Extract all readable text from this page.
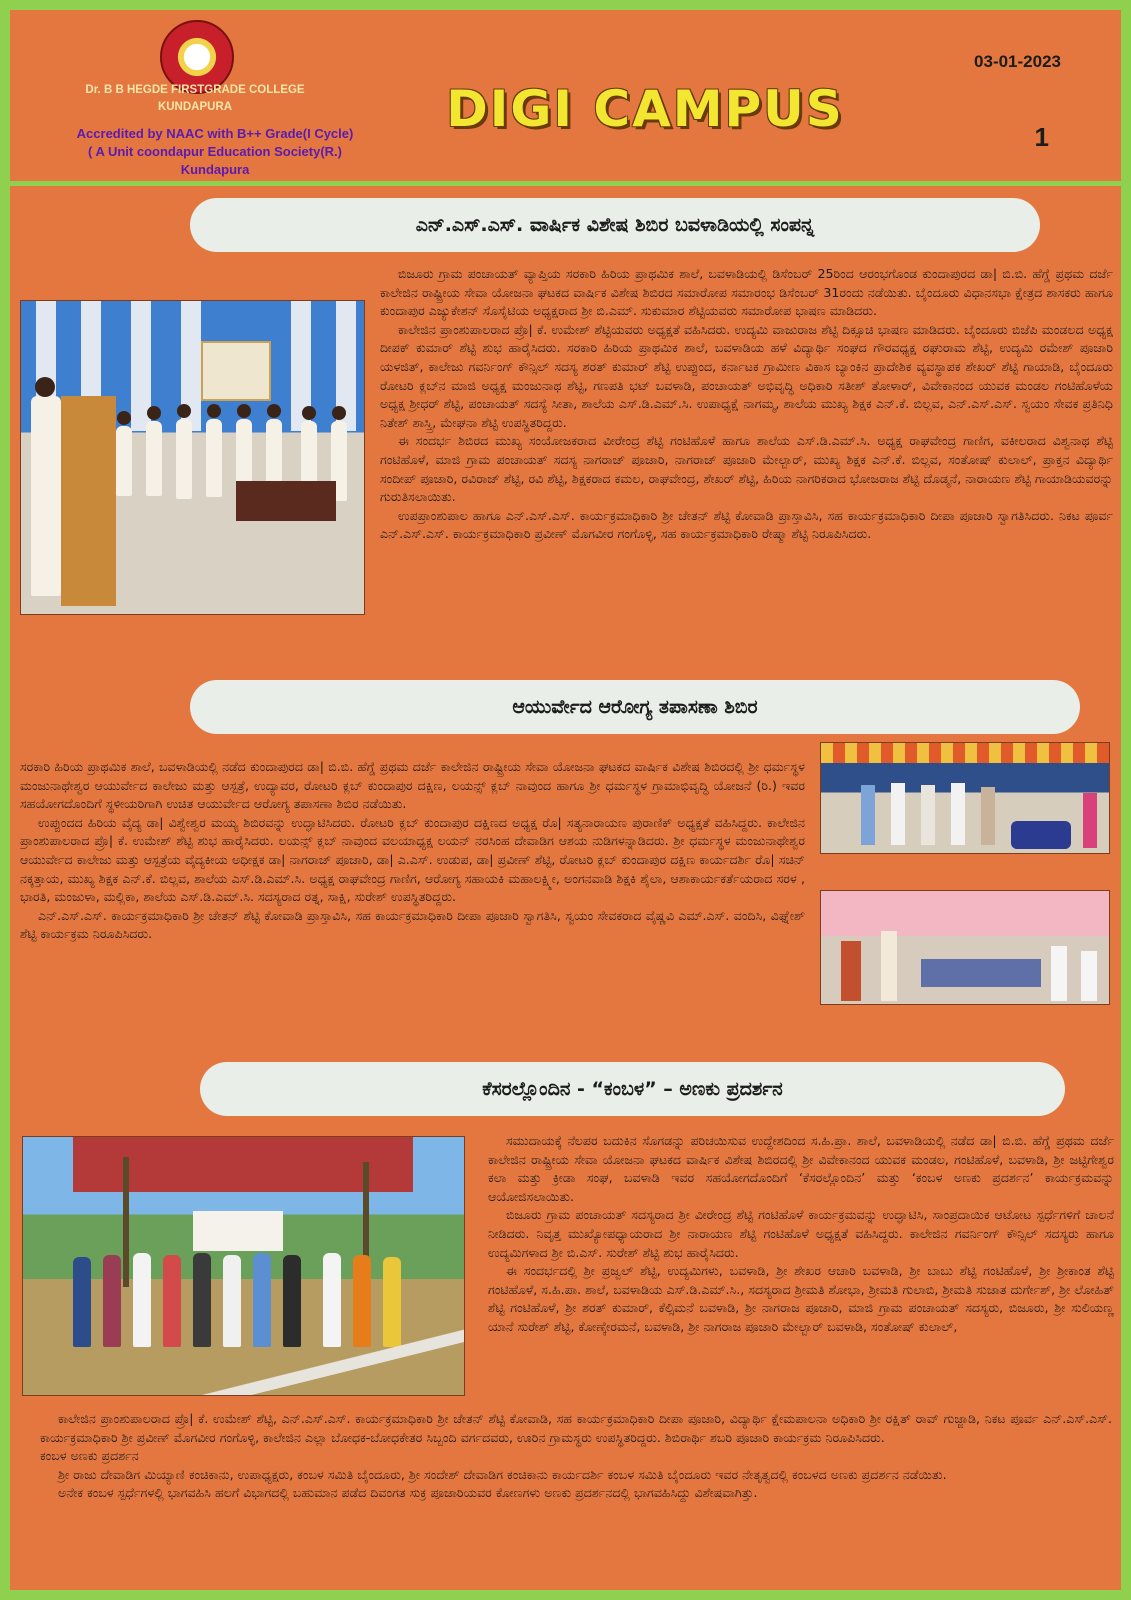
Dr. B B HEGDE FIRSTGRADE COLLEGE
KUNDAPURA
Accredited by NAAC with B++ Grade(I Cycle)
( A Unit coondapur Education Society(R.)
Kundapura
DIGI CAMPUS
03-01-2023
1
ಎನ್.ಎಸ್.ಎಸ್. ವಾರ್ಷಿಕ ವಿಶೇಷ ಶಿಬಿರ ಬವಳಾಡಿಯಲ್ಲಿ ಸಂಪನ್ನ

ಬಿಜೂರು ಗ್ರಾಮ ಪಂಚಾಯತ್ ವ್ಯಾಪ್ತಿಯ ಸರಕಾರಿ ಹಿರಿಯ ಪ್ರಾಥಮಿಕ ಶಾಲೆ, ಬವಳಾಡಿಯಲ್ಲಿ ಡಿಸೆಂಬರ್ 25ರಿಂದ ಆರಂಭಗೊಂಡ ಕುಂದಾಪುರದ ಡಾ| ಬಿ.ಬಿ. ಹೆಗ್ಡೆ ಪ್ರಥಮ ದರ್ಜೆ ಕಾಲೇಜಿನ ರಾಷ್ಟ್ರೀಯ ಸೇವಾ ಯೋಜನಾ ಘಟಕದ ವಾರ್ಷಿಕ ವಿಶೇಷ ಶಿಬಿರದ ಸಮಾರೋಪ ಸಮಾರಂಭ ಡಿಸೆಂಬರ್ 31ರಂದು ನಡೆಯಿತು. ಬೈಂದೂರು ವಿಧಾನಸಭಾ ಕ್ಷೇತ್ರದ ಶಾಸಕರು ಹಾಗೂ ಕುಂದಾಪುರ ಎಜ್ಯುಕೇಶನ್ ಸೊಸೈಟಿಯ ಅಧ್ಯಕ್ಷರಾದ ಶ್ರೀ ಬಿ.ಎಮ್. ಸುಕುಮಾರ ಶೆಟ್ಟಿಯವರು ಸಮಾರೋಪ ಭಾಷಣ ಮಾಡಿದರು.

ಕಾಲೇಜಿನ ಪ್ರಾಂಶುಪಾಲರಾದ ಪ್ರೊ| ಕೆ. ಉಮೇಶ್ ಶೆಟ್ಟಿಯವರು ಅಧ್ಯಕ್ಷತೆ ವಹಿಸಿದರು. ಉದ್ಯಮಿ ವಾಜುರಾಜ ಶೆಟ್ಟಿ ದಿಕ್ಸೂಚಿ ಭಾಷಣ ಮಾಡಿದರು. ಬೈಂದೂರು ಬಿಜೆಪಿ ಮಂಡಲದ ಅಧ್ಯಕ್ಷ ದೀಪಕ್ ಕುಮಾರ್ ಶೆಟ್ಟಿ ಶುಭ ಹಾರೈಸಿದರು. ಸರಕಾರಿ ಹಿರಿಯ ಪ್ರಾಥಮಿಕ ಶಾಲೆ, ಬವಳಾಡಿಯ ಹಳೆ ವಿದ್ಯಾರ್ಥಿ ಸಂಘದ ಗೌರವಧ್ಯಕ್ಷ ರಘುರಾಮ ಶೆಟ್ಟಿ, ಉದ್ಯಮಿ ರಮೇಶ್ ಪೂಜಾರಿ ಯಳಜಿತ್, ಕಾಲೇಜು ಗವರ್ನಿಂಗ್ ಕೌನ್ಸಿಲ್ ಸದಸ್ಯ ಶರತ್ ಕುಮಾರ್ ಶೆಟ್ಟಿ ಉಪ್ಪುಂದ, ಕರ್ನಾಟಕ ಗ್ರಾಮೀಣ ವಿಕಾಸ ಬ್ಯಾಂಕಿನ ಪ್ರಾದೇಶಿಕ ವ್ಯವಸ್ಥಾಪಕ ಶೇಖರ್ ಶೆಟ್ಟಿ ಗಾಯಾಡಿ, ಬೈಂದೂರು ರೋಟರಿ ಕ್ಲಬ್‍ನ ಮಾಜಿ ಅಧ್ಯಕ್ಷ ಮಂಜುನಾಥ ಶೆಟ್ಟಿ, ಗಣಪತಿ ಭಟ್ ಬವಳಾಡಿ, ಪಂಚಾಯತ್ ಅಭಿವೃದ್ಧಿ ಅಧಿಕಾರಿ ಸತೀಶ್ ತೋಳಾರ್, ವಿವೇಕಾನಂದ ಯುವಕ ಮಂಡಲ ಗಂಟಿಹೊಳೆಯ ಅಧ್ಯಕ್ಷ ಶ್ರೀಧರ್ ಶೆಟ್ಟಿ, ಪಂಚಾಯತ್ ಸದಸ್ಯೆ ಸೀತಾ, ಶಾಲೆಯ ಎಸ್.ಡಿ.ಎಮ್.ಸಿ. ಉಪಾಧ್ಯಕ್ಷೆ ನಾಗಮ್ಮ, ಶಾಲೆಯ ಮುಖ್ಯ ಶಿಕ್ಷಕ ಎನ್.ಕೆ. ಬಿಲ್ಲವ, ಎನ್.ಎಸ್.ಎಸ್. ಸ್ವಯಂ ಸೇವಕ ಪ್ರತಿನಿಧಿ ನಿತೇಶ್ ಶಾಸ್ತ್ರಿ, ಮೇಘನಾ ಶೆಟ್ಟಿ ಉಪಸ್ಥಿತರಿದ್ದರು.

ಈ ಸಂದರ್ಭ ಶಿಬಿರದ ಮುಖ್ಯ ಸಂಯೋಜಕರಾದ ವೀರೇಂದ್ರ ಶೆಟ್ಟಿ ಗಂಟಿಹೊಳೆ ಹಾಗೂ ಶಾಲೆಯ ಎಸ್.ಡಿ.ಎಮ್.ಸಿ. ಅಧ್ಯಕ್ಷ ರಾಘವೇಂದ್ರ ಗಾಣಿಗ, ವಕೀಲರಾದ ವಿಶ್ವನಾಥ ಶೆಟ್ಟಿ ಗಂಟಿಹೊಳೆ, ಮಾಜಿ ಗ್ರಾಮ ಪಂಚಾಯತ್ ಸದಸ್ಯ ನಾಗರಾಜ್ ಪೂಜಾರಿ, ನಾಗರಾಜ್ ಪೂಜಾರಿ ಮೇಲ್ಬಾರ್, ಮುಖ್ಯ ಶಿಕ್ಷಕ ಎನ್.ಕೆ. ಬಿಲ್ಲವ, ಸಂತೋಷ್ ಕುಲಾಲ್, ಪ್ರಾಕ್ತನ ವಿದ್ಯಾರ್ಥಿ ಸಂದೀಪ್ ಪೂಜಾರಿ, ರವಿರಾಜ್ ಶೆಟ್ಟಿ, ರವಿ ಶೆಟ್ಟಿ, ಶಿಕ್ಷಕರಾದ ಕಮಲ, ರಾಘವೇಂದ್ರ, ಶೇಖರ್ ಶೆಟ್ಟಿ, ಹಿರಿಯ ನಾಗರಿಕರಾದ ಭೋಜರಾಜ ಶೆಟ್ಟಿ ದೊಡ್ಮನೆ, ನಾರಾಯಣ ಶೆಟ್ಟಿ ಗಾಯಾಡಿಯವರನ್ನು ಗುರುತಿಸಲಾಯಿತು.

ಉಪಪ್ರಾಂಶುಪಾಲ ಹಾಗೂ ಎನ್.ಎಸ್.ಎಸ್. ಕಾರ್ಯಕ್ರಮಾಧಿಕಾರಿ ಶ್ರೀ ಚೇತನ್ ಶೆಟ್ಟಿ ಕೋವಾಡಿ ಪ್ರಾಸ್ತಾವಿಸಿ, ಸಹ ಕಾರ್ಯಕ್ರಮಾಧಿಕಾರಿ ದೀಪಾ ಪೂಜಾರಿ ಸ್ವಾಗತಿಸಿದರು. ನಿಕಟ ಪೂರ್ವ ಎನ್.ಎಸ್.ಎಸ್. ಕಾರ್ಯಕ್ರಮಾಧಿಕಾರಿ ಪ್ರವೀಣ್ ಮೊಗವೀರ ಗಂಗೊಳ್ಳಿ, ಸಹ ಕಾರ್ಯಕ್ರಮಾಧಿಕಾರಿ ರೇಷ್ಮಾ ಶೆಟ್ಟಿ ನಿರೂಪಿಸಿದರು.

ಆಯುರ್ವೇದ ಆರೋಗ್ಯ ತಪಾಸಣಾ ಶಿಬಿರ

ಸರಕಾರಿ ಹಿರಿಯ ಪ್ರಾಥಮಿಕ ಶಾಲೆ, ಬವಳಾಡಿಯಲ್ಲಿ ನಡೆದ ಕುಂದಾಪುರದ ಡಾ| ಬಿ.ಬಿ. ಹೆಗ್ಡೆ ಪ್ರಥಮ ದರ್ಜೆ ಕಾಲೇಜಿನ ರಾಷ್ಟ್ರೀಯ ಸೇವಾ ಯೋಜನಾ ಘಟಕದ ವಾರ್ಷಿಕ ವಿಶೇಷ ಶಿಬಿರದಲ್ಲಿ ಶ್ರೀ ಧರ್ಮಸ್ಥಳ ಮಂಜುನಾಥೇಶ್ವರ ಆಯುರ್ವೇದ ಕಾಲೇಜು ಮತ್ತು ಆಸ್ಪತ್ರೆ, ಉದ್ಯಾವರ, ರೋಟರಿ ಕ್ಲಬ್ ಕುಂದಾಪುರ ದಕ್ಷಿಣ, ಲಯನ್ಸ್ ಕ್ಲಬ್ ನಾವುಂದ ಹಾಗೂ ಶ್ರೀ ಧರ್ಮಸ್ಥಳ ಗ್ರಾಮಾಭಿವೃದ್ಧಿ ಯೋಜನೆ (ರಿ.) ಇವರ ಸಹಯೋಗದೊಂದಿಗೆ ಸ್ಥಳೀಯರಿಗಾಗಿ ಉಚಿತ ಆಯುರ್ವೇದ ಆರೋಗ್ಯ ತಪಾಸಣಾ ಶಿಬಿರ ನಡೆಯಿತು.

ಉಪ್ಪುಂದದ ಹಿರಿಯ ವೈದ್ಯ ಡಾ| ವಿಶ್ವೇಶ್ವರ ಮಯ್ಯ ಶಿಬಿರವನ್ನು ಉದ್ಘಾಟಿಸಿದರು. ರೋಟರಿ ಕ್ಲಬ್ ಕುಂದಾಪುರ ದಕ್ಷಿಣದ ಅಧ್ಯಕ್ಷ ರೊ| ಸತ್ಯನಾರಾಯಣ ಪುರಾಣಿಕ್ ಅಧ್ಯಕ್ಷತೆ ವಹಿಸಿದ್ದರು. ಕಾಲೇಜಿನ ಪ್ರಾಂಶುಪಾಲರಾದ ಪ್ರೊ| ಕೆ. ಉಮೇಶ್ ಶೆಟ್ಟಿ ಶುಭ ಹಾರೈಸಿದರು. ಲಯನ್ಸ್ ಕ್ಲಬ್ ನಾವುಂದ ವಲಯಾಧ್ಯಕ್ಷ ಲಯನ್ ನರಸಿಂಹ ದೇವಾಡಿಗ ಆಶಯ ನುಡಿಗಳನ್ನಾಡಿದರು. ಶ್ರೀ ಧರ್ಮಸ್ಥಳ ಮಂಜುನಾಥೇಶ್ವರ ಆಯುರ್ವೇದ ಕಾಲೇಜು ಮತ್ತು ಆಸ್ಪತ್ರೆಯ ವೈದ್ಯಕೀಯ ಅಧೀಕ್ಷಕ ಡಾ| ನಾಗರಾಜ್ ಪೂಜಾರಿ, ಡಾ| ಎ.ಎಸ್. ಉಡುಪ, ಡಾ| ಪ್ರವೀಣ್ ಶೆಟ್ಟಿ, ರೋಟರಿ ಕ್ಲಬ್ ಕುಂದಾಪುರ ದಕ್ಷಿಣ ಕಾರ್ಯದರ್ಶಿ ರೊ| ಸಚಿನ್ ನಕ್ಕತ್ತಾಯ, ಮುಖ್ಯ ಶಿಕ್ಷಕ ಎನ್.ಕೆ. ಬಿಲ್ಲವ, ಶಾಲೆಯ ಎಸ್.ಡಿ.ಎಮ್.ಸಿ. ಅಧ್ಯಕ್ಷ ರಾಘವೇಂದ್ರ ಗಾಣಿಗ, ಆರೋಗ್ಯ ಸಹಾಯಕಿ ಮಹಾಲಕ್ಷ್ಮೀ, ಅಂಗನವಾಡಿ ಶಿಕ್ಷಕಿ ಶೈಲಾ, ಆಶಾಕಾರ್ಯಕರ್ತೆಯರಾದ ಸರಳ , ಭಾರತಿ, ಮಂಜುಳಾ, ಮಲ್ಲಿಕಾ, ಶಾಲೆಯ ಎಸ್.ಡಿ.ಎಮ್.ಸಿ. ಸದಸ್ಯರಾದ ರತ್ನ, ಸಾಕ್ಷಿ, ಸುರೇಶ್ ಉಪಸ್ಥಿತರಿದ್ದರು.

ಎನ್.ಎಸ್.ಎಸ್. ಕಾರ್ಯಕ್ರಮಾಧಿಕಾರಿ ಶ್ರೀ ಚೇತನ್ ಶೆಟ್ಟಿ ಕೋವಾಡಿ ಪ್ರಾಸ್ತಾವಿಸಿ, ಸಹ ಕಾರ್ಯಕ್ರಮಾಧಿಕಾರಿ ದೀಪಾ ಪೂಜಾರಿ ಸ್ವಾಗತಿಸಿ, ಸ್ವಯಂ ಸೇವಕರಾದ ವೈಷ್ಣವಿ ಎಮ್.ಎಸ್. ವಂದಿಸಿ, ವಿಘ್ನೇಶ್ ಶೆಟ್ಟಿ ಕಾರ್ಯಕ್ರಮ ನಿರೂಪಿಸಿದರು.

ಕೆಸರಲ್ಲೊಂದಿನ - “ಕಂಬಳ” – ಅಣಕು ಪ್ರದರ್ಶನ

ಸಮುದಾಯಕ್ಕೆ ನೆಲಪರ ಬದುಕಿನ ಸೊಗಡನ್ನು ಪರಿಚಯಿಸುವ ಉದ್ದೇಶದಿಂದ ಸ.ಹಿ.ಪ್ರಾ. ಶಾಲೆ, ಬವಳಾಡಿಯಲ್ಲಿ ನಡೆದ ಡಾ| ಬಿ.ಬಿ. ಹೆಗ್ಡೆ ಪ್ರಥಮ ದರ್ಜೆ ಕಾಲೇಜಿನ ರಾಷ್ಟ್ರೀಯ ಸೇವಾ ಯೋಜನಾ ಘಟಕದ ವಾರ್ಷಿಕ ವಿಶೇಷ ಶಿಬಿರದಲ್ಲಿ ಶ್ರೀ ವಿವೇಕಾನಂದ ಯುವಕ ಮಂಡಲ, ಗಂಟಿಹೊಳೆ, ಬವಳಾಡಿ, ಶ್ರೀ ಜಟ್ಟಿಗೇಶ್ವರ ಕಲಾ ಮತ್ತು ಕ್ರೀಡಾ ಸಂಘ, ಬವಳಾಡಿ ಇವರ ಸಹಯೋಗದೊಂದಿಗೆ ‘ಕೆಸರಲ್ಲೊಂದಿನ’ ಮತ್ತು ‘ಕಂಬಳ ಅಣಕು ಪ್ರದರ್ಶನ’ ಕಾರ್ಯಕ್ರಮವನ್ನು ಆಯೋಜಿಸಲಾಯಿತು.

ಬಿಜೂರು ಗ್ರಾಮ ಪಂಚಾಯತ್ ಸದಸ್ಯರಾದ ಶ್ರೀ ವೀರೇಂದ್ರ ಶೆಟ್ಟಿ ಗಂಟಿಹೊಳೆ ಕಾರ್ಯಕ್ರಮವನ್ನು ಉದ್ಘಾಟಿಸಿ, ಸಾಂಪ್ರದಾಯಿಕ ಆಟೋಟ ಸ್ಪರ್ಧೆಗಳಿಗೆ ಚಾಲನೆ ನೀಡಿದರು. ನಿವೃತ್ತ ಮುಖ್ಯೋಪಧ್ಯಾಯರಾದ ಶ್ರೀ ನಾರಾಯಣ ಶೆಟ್ಟಿ ಗಂಟಿಹೊಳೆ ಅಧ್ಯಕ್ಷತೆ ವಹಿಸಿದ್ದರು. ಕಾಲೇಜಿನ ಗವರ್ನಿಂಗ್ ಕೌನ್ಸಿಲ್ ಸದಸ್ಯರು ಹಾಗೂ ಉದ್ಯಮಿಗಳಾದ ಶ್ರೀ ಬಿ.ಎಸ್. ಸುರೇಶ್ ಶೆಟ್ಟಿ ಶುಭ ಹಾರೈಸಿದರು.

ಈ ಸಂದರ್ಭದಲ್ಲಿ ಶ್ರೀ ಪ್ರಜ್ವಲ್ ಶೆಟ್ಟಿ, ಉದ್ಯಮಿಗಳು, ಬವಳಾಡಿ, ಶ್ರೀ ಶೇಖರ ಆಚಾರಿ ಬವಳಾಡಿ, ಶ್ರೀ ಬಾಬು ಶೆಟ್ಟಿ ಗಂಟಿಹೊಳೆ, ಶ್ರೀ ಶ್ರೀಕಾಂತ ಶೆಟ್ಟಿ ಗಂಟಿಹೊಳೆ, ಸ.ಹಿ.ಪಾ. ಶಾಲೆ, ಬವಳಾಡಿಯ ಎಸ್.ಡಿ.ಎಮ್.ಸಿ., ಸದಸ್ಯರಾದ ಶ್ರೀಮತಿ ಶೋಭಾ, ಶ್ರೀಮತಿ ಗುಲಾಬಿ, ಶ್ರೀಮತಿ ಸುಜಾತ ದುರ್ಗೇಶ್, ಶ್ರೀ ಲೋಹಿತ್ ಶೆಟ್ಟಿ ಗಂಟಿಹೊಳೆ, ಶ್ರೀ ಶರತ್ ಕುಮಾರ್, ಕೆಲ್ಸಿಮನೆ ಬವಳಾಡಿ, ಶ್ರೀ ನಾಗರಾಜ ಪೂಜಾರಿ, ಮಾಜಿ ಗ್ರಾಮ ಪಂಚಾಯತ್ ಸದಸ್ಯರು, ಬಿಜೂರು, ಶ್ರೀ ಸುಲಿಯಣ್ಣ ಯಾನೆ ಸುರೇಶ್ ಶೆಟ್ಟಿ, ಕೋಣ್ಕೇರಮನೆ, ಬವಳಾಡಿ, ಶ್ರೀ ನಾಗರಾಜ ಪೂಜಾರಿ ಮೇಲ್ಬಾರ್ ಬವಳಾಡಿ, ಸಂತೋಷ್ ಕುಲಾಲ್,

ಕಾಲೇಜಿನ ಪ್ರಾಂಶುಪಾಲರಾದ ಪ್ರೊ| ಕೆ. ಉಮೇಶ್ ಶೆಟ್ಟಿ, ಎನ್.ಎಸ್.ಎಸ್. ಕಾರ್ಯಕ್ರಮಾಧಿಕಾರಿ ಶ್ರೀ ಚೇತನ್ ಶೆಟ್ಟಿ ಕೋವಾಡಿ, ಸಹ ಕಾರ್ಯಕ್ರಮಾಧಿಕಾರಿ ದೀಪಾ ಪೂಜಾರಿ, ವಿದ್ಯಾರ್ಥಿ ಕ್ಷೇಮಪಾಲನಾ ಅಧಿಕಾರಿ ಶ್ರೀ ರಕ್ಷಿತ್ ರಾವ್ ಗುಜ್ಜಾಡಿ, ನಿಕಟ ಪೂರ್ವ ಎನ್.ಎಸ್.ಎಸ್. ಕಾರ್ಯಕ್ರಮಾಧಿಕಾರಿ ಶ್ರೀ ಪ್ರವೀಣ್ ಮೊಗವೀರ ಗಂಗೊಳ್ಳಿ, ಕಾಲೇಜಿನ ಎಲ್ಲಾ ಬೋಧಕ-ಬೋಧಕೇತರ ಸಿಬ್ಬಂದಿ ವರ್ಗದವರು, ಊರಿನ ಗ್ರಾಮಸ್ಥರು ಉಪಸ್ಥಿತರಿದ್ದರು. ಶಿಬಿರಾರ್ಥಿ ಶಬರಿ ಪೂಜಾರಿ ಕಾರ್ಯಕ್ರಮ ನಿರೂಪಿಸಿದರು.

ಕಂಬಳ ಅಣಕು ಪ್ರದರ್ಶನ

ಶ್ರೀ ರಾಜು ದೇವಾಡಿಗ ಮಿಯ್ಯಾಣಿ ಕಂಚಿಕಾನು, ಉಪಾಧ್ಯಕ್ಷರು, ಕಂಬಳ ಸಮಿತಿ ಬೈಂದೂರು, ಶ್ರೀ ಸಂದೇಶ್ ದೇವಾಡಿಗ ಕಂಚಿಕಾನು ಕಾರ್ಯದರ್ಶಿ ಕಂಬಳ ಸಮಿತಿ ಬೈಂದೂರು ಇವರ ನೇತೃತ್ವದಲ್ಲಿ ಕಂಬಳದ ಅಣಕು ಪ್ರದರ್ಶನ ನಡೆಯಿತು.

ಅನೇಕ ಕಂಬಳ ಸ್ಪರ್ಧೆಗಳಲ್ಲಿ ಭಾಗವಹಿಸಿ ಹಲಗೆ ವಿಭಾಗದಲ್ಲಿ ಬಹುಮಾನ ಪಡೆದ ದಿವಂಗತ ಸುಕ್ರ ಪೂಜಾರಿಯವರ ಕೋಣಗಳು ಅಣಕು ಪ್ರದರ್ಶನದಲ್ಲಿ ಭಾಗವಹಿಸಿದ್ದು ವಿಶೇಷವಾಗಿತ್ತು.
